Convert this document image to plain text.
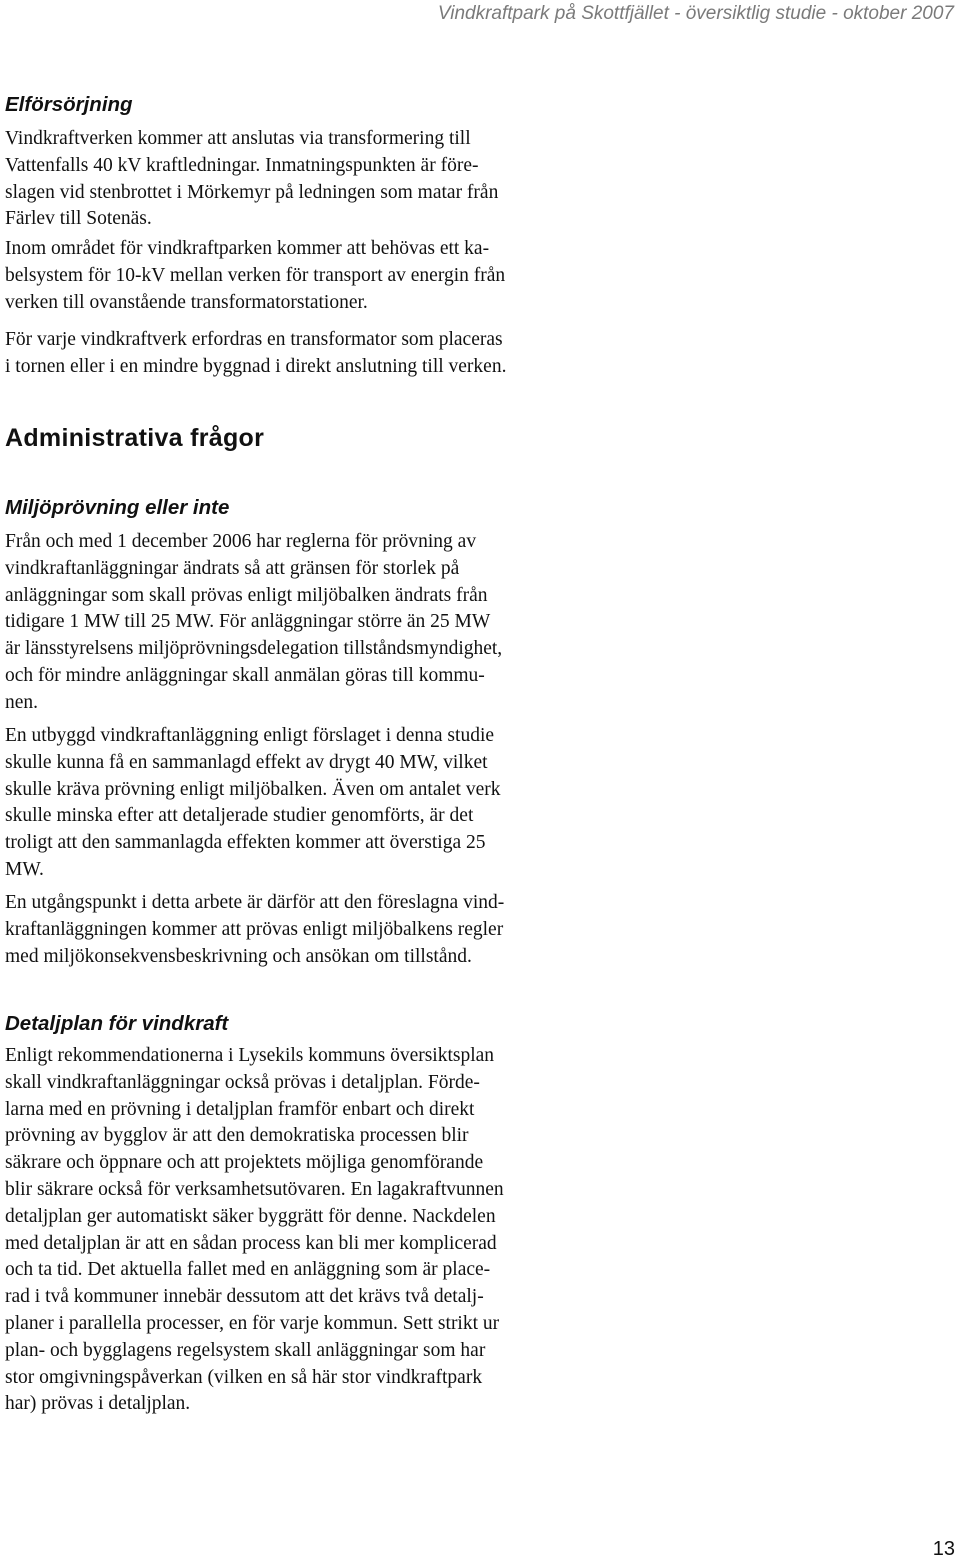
Vindkraftpark på Skottfjället - översiktlig studie - oktober 2007
Elförsörjning

Vindkraftverken kommer att anslutas via transformering till
Vattenfalls 40 kV kraftledningar. Inmatningspunkten är före-
slagen vid stenbrottet i Mörkemyr på ledningen som matar från
Färlev till Sotenäs.

Inom området för vindkraftparken kommer att behövas ett ka-
belsystem för 10-kV mellan verken för transport av energin från
verken till ovanstående transformatorstationer.

För varje vindkraftverk erfordras en transformator som placeras
i tornen eller i en mindre byggnad i direkt anslutning till verken.

Administrativa frågor
Miljöprövning eller inte

Från och med 1 december 2006 har reglerna för prövning av
vindkraftanläggningar ändrats så att gränsen för storlek på
anläggningar som skall prövas enligt miljöbalken ändrats från
tidigare 1 MW till 25 MW. För anläggningar större än 25 MW
är länsstyrelsens miljöprövningsdelegation tillståndsmyndighet,
och för mindre anläggningar skall anmälan göras till kommu-
nen.

En utbyggd vindkraftanläggning enligt förslaget i denna studie
skulle kunna få en sammanlagd effekt av drygt 40 MW, vilket
skulle kräva prövning enligt miljöbalken. Även om antalet verk
skulle minska efter att detaljerade studier genomförts, är det
troligt att den sammanlagda effekten kommer att överstiga 25
MW.

En utgångspunkt i detta arbete är därför att den föreslagna vind-
kraftanläggningen kommer att prövas enligt miljöbalkens regler
med miljökonsekvensbeskrivning och ansökan om tillstånd.

Detaljplan för vindkraft

Enligt rekommendationerna i Lysekils kommuns översiktsplan
skall vindkraftanläggningar också prövas i detaljplan. Förde-
larna med en prövning i detaljplan framför enbart och direkt
prövning av bygglov är att den demokratiska processen blir
säkrare och öppnare och att projektets möjliga genomförande
blir säkrare också för verksamhetsutövaren. En lagakraftvunnen
detaljplan ger automatiskt säker byggrätt för denne. Nackdelen
med detaljplan är att en sådan process kan bli mer komplicerad
och ta tid. Det aktuella fallet med en anläggning som är place-
rad i två kommuner innebär dessutom att det krävs två detalj-
planer i parallella processer, en för varje kommun. Sett strikt ur
plan- och bygglagens regelsystem skall anläggningar som har
stor omgivningspåverkan (vilken en så här stor vindkraftpark
har) prövas i detaljplan.

13
